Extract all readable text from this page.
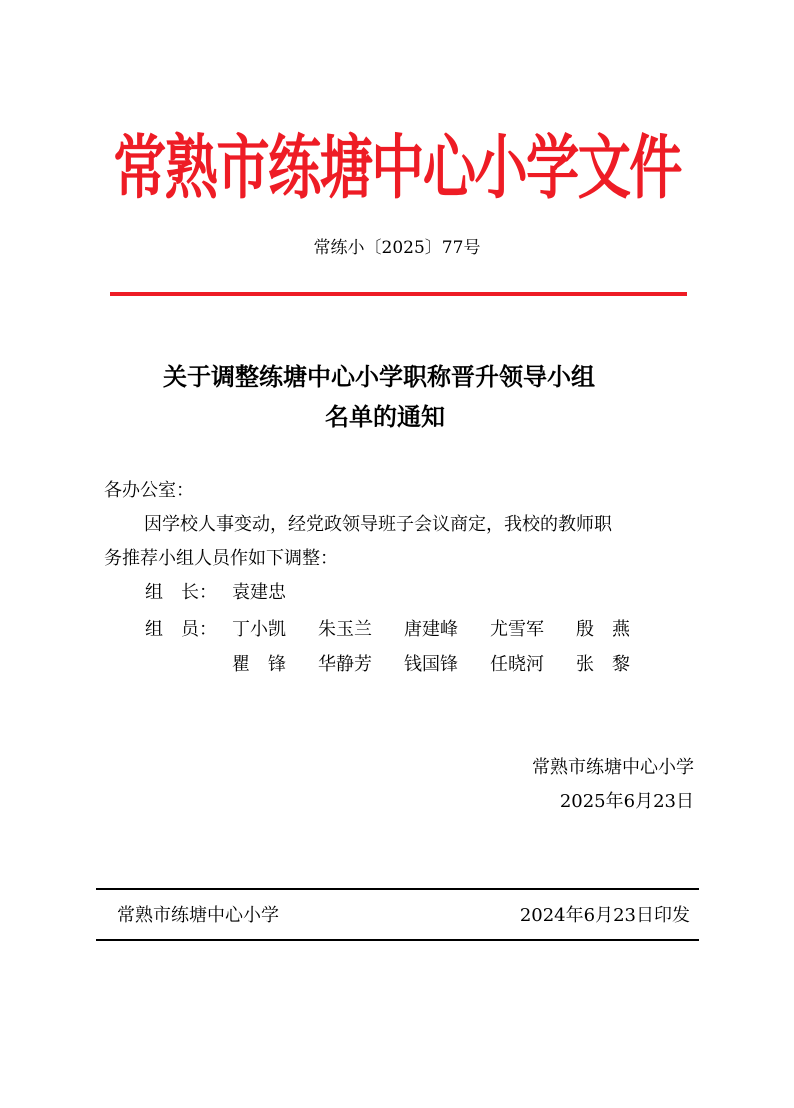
常熟市练塘中心小学文件
常练小〔2025〕77号
关于调整练塘中心小学职称晋升领导小组
名单的通知
各办公室：
因学校人事变动，经党政领导班子会议商定，我校的教师职
务推荐小组人员作如下调整：
组　长： 袁建忠
组　员： 丁小凯 朱玉兰 唐建峰 尤雪军 殷　燕
瞿　锋 华静芳 钱国锋 任晓河 张　黎
常熟市练塘中心小学
2025年6月23日
常熟市练塘中心小学	2024年6月23日印发
